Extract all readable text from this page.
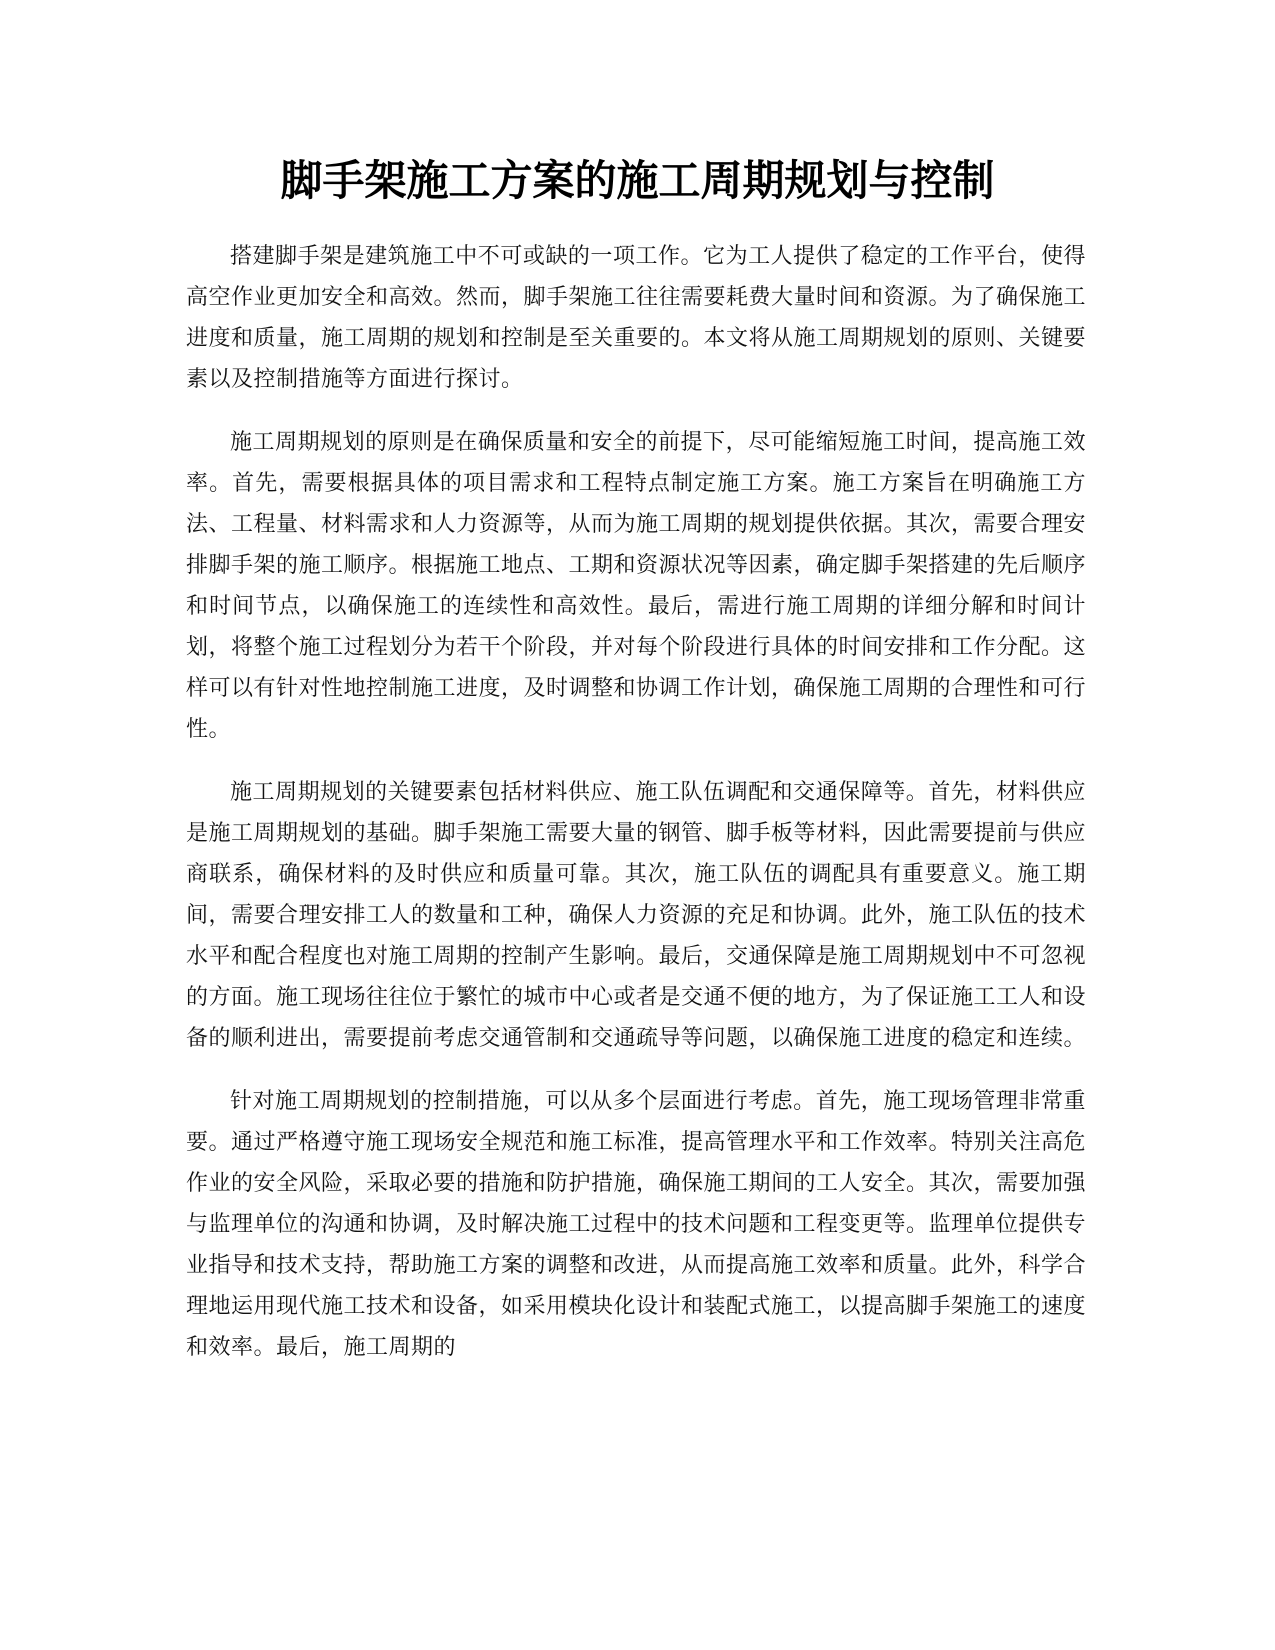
脚手架施工方案的施工周期规划与控制

搭建脚手架是建筑施工中不可或缺的一项工作。它为工人提供了稳定的工作平台，使得高空作业更加安全和高效。然而，脚手架施工往往需要耗费大量时间和资源。为了确保施工进度和质量，施工周期的规划和控制是至关重要的。本文将从施工周期规划的原则、关键要素以及控制措施等方面进行探讨。

施工周期规划的原则是在确保质量和安全的前提下，尽可能缩短施工时间，提高施工效率。首先，需要根据具体的项目需求和工程特点制定施工方案。施工方案旨在明确施工方法、工程量、材料需求和人力资源等，从而为施工周期的规划提供依据。其次，需要合理安排脚手架的施工顺序。根据施工地点、工期和资源状况等因素，确定脚手架搭建的先后顺序和时间节点，以确保施工的连续性和高效性。最后，需进行施工周期的详细分解和时间计划，将整个施工过程划分为若干个阶段，并对每个阶段进行具体的时间安排和工作分配。这样可以有针对性地控制施工进度，及时调整和协调工作计划，确保施工周期的合理性和可行性。

施工周期规划的关键要素包括材料供应、施工队伍调配和交通保障等。首先，材料供应是施工周期规划的基础。脚手架施工需要大量的钢管、脚手板等材料，因此需要提前与供应商联系，确保材料的及时供应和质量可靠。其次，施工队伍的调配具有重要意义。施工期间，需要合理安排工人的数量和工种，确保人力资源的充足和协调。此外，施工队伍的技术水平和配合程度也对施工周期的控制产生影响。最后，交通保障是施工周期规划中不可忽视的方面。施工现场往往位于繁忙的城市中心或者是交通不便的地方，为了保证施工工人和设备的顺利进出，需要提前考虑交通管制和交通疏导等问题，以确保施工进度的稳定和连续。

针对施工周期规划的控制措施，可以从多个层面进行考虑。首先，施工现场管理非常重要。通过严格遵守施工现场安全规范和施工标准，提高管理水平和工作效率。特别关注高危作业的安全风险，采取必要的措施和防护措施，确保施工期间的工人安全。其次，需要加强与监理单位的沟通和协调，及时解决施工过程中的技术问题和工程变更等。监理单位提供专业指导和技术支持，帮助施工方案的调整和改进，从而提高施工效率和质量。此外，科学合理地运用现代施工技术和设备，如采用模块化设计和装配式施工，以提高脚手架施工的速度和效率。最后，施工周期的
